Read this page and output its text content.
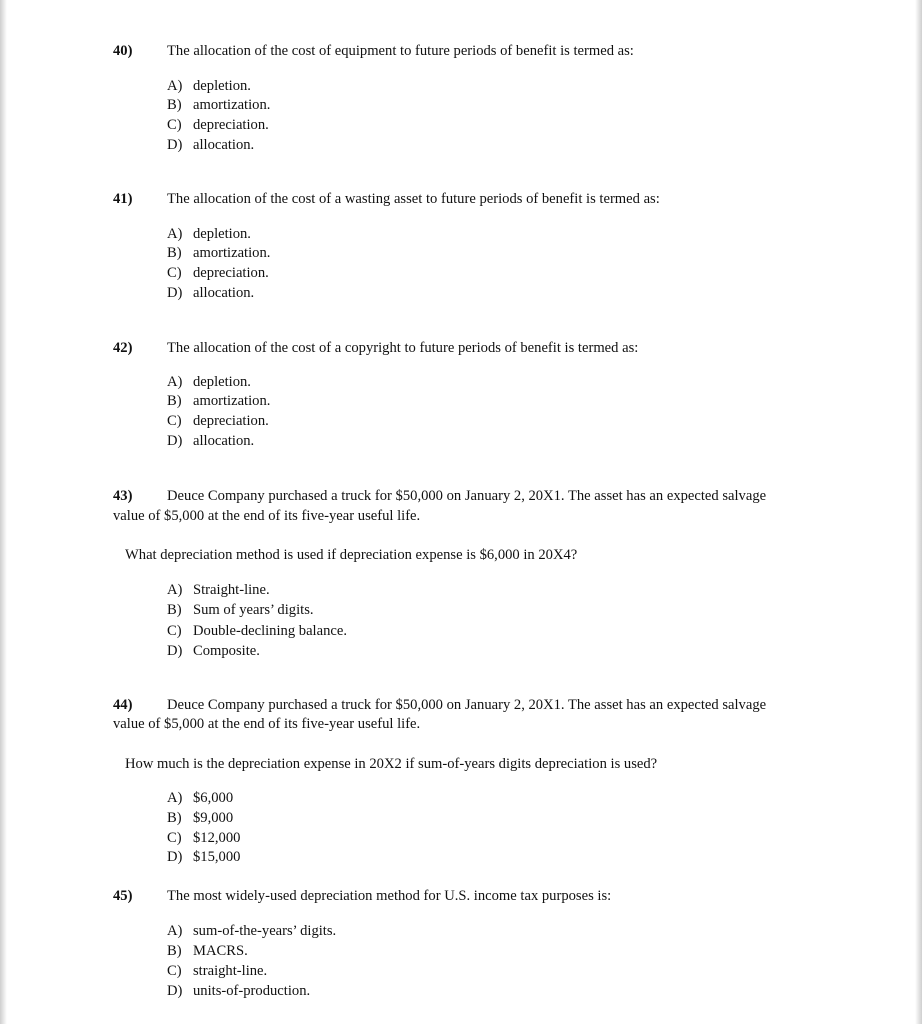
40) The allocation of the cost of equipment to future periods of benefit is termed as:
A) depletion.
B) amortization.
C) depreciation.
D) allocation.
41) The allocation of the cost of a wasting asset to future periods of benefit is termed as:
A) depletion.
B) amortization.
C) depreciation.
D) allocation.
42) The allocation of the cost of a copyright to future periods of benefit is termed as:
A) depletion.
B) amortization.
C) depreciation.
D) allocation.
43) Deuce Company purchased a truck for $50,000 on January 2, 20X1. The asset has an expected salvage
value of $5,000 at the end of its five-year useful life.
What depreciation method is used if depreciation expense is $6,000 in 20X4?
A) Straight-line.
B) Sum of years’ digits.
C) Double-declining balance.
D) Composite.
44) Deuce Company purchased a truck for $50,000 on January 2, 20X1. The asset has an expected salvage
value of $5,000 at the end of its five-year useful life.
How much is the depreciation expense in 20X2 if sum-of-years digits depreciation is used?
A) $6,000
B) $9,000
C) $12,000
D) $15,000
45) The most widely-used depreciation method for U.S. income tax purposes is:
A) sum-of-the-years’ digits.
B) MACRS.
C) straight-line.
D) units-of-production.
